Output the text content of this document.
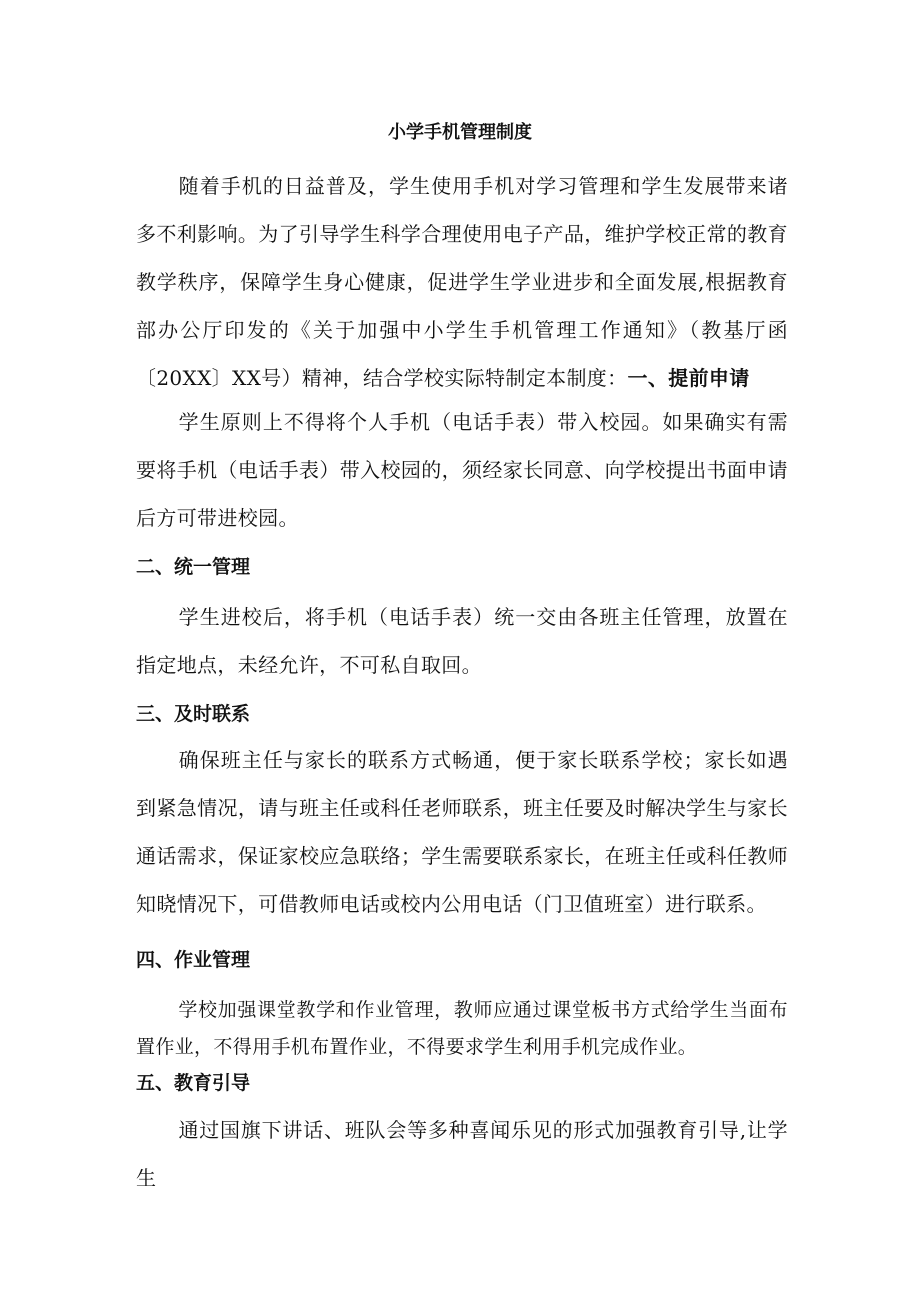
小学手机管理制度
随着手机的日益普及，学生使用手机对学习管理和学生发展带来诸多不利影响。为了引导学生科学合理使用电子产品，维护学校正常的教育教学秩序，保障学生身心健康，促进学生学业进步和全面发展,根据教育部办公厅印发的《关于加强中小学生手机管理工作通知》（教基厅函〔20XX〕XX号）精神，结合学校实际特制定本制度：一、提前申请
学生原则上不得将个人手机（电话手表）带入校园。如果确实有需要将手机（电话手表）带入校园的，须经家长同意、向学校提出书面申请后方可带进校园。
二、统一管理
学生进校后，将手机（电话手表）统一交由各班主任管理，放置在指定地点，未经允许，不可私自取回。
三、及时联系
确保班主任与家长的联系方式畅通，便于家长联系学校；家长如遇到紧急情况，请与班主任或科任老师联系，班主任要及时解决学生与家长通话需求，保证家校应急联络；学生需要联系家长，在班主任或科任教师知晓情况下，可借教师电话或校内公用电话（门卫值班室）进行联系。
四、作业管理
学校加强课堂教学和作业管理，教师应通过课堂板书方式给学生当面布置作业，不得用手机布置作业，不得要求学生利用手机完成作业。
五、教育引导
通过国旗下讲话、班队会等多种喜闻乐见的形式加强教育引导,让学生
